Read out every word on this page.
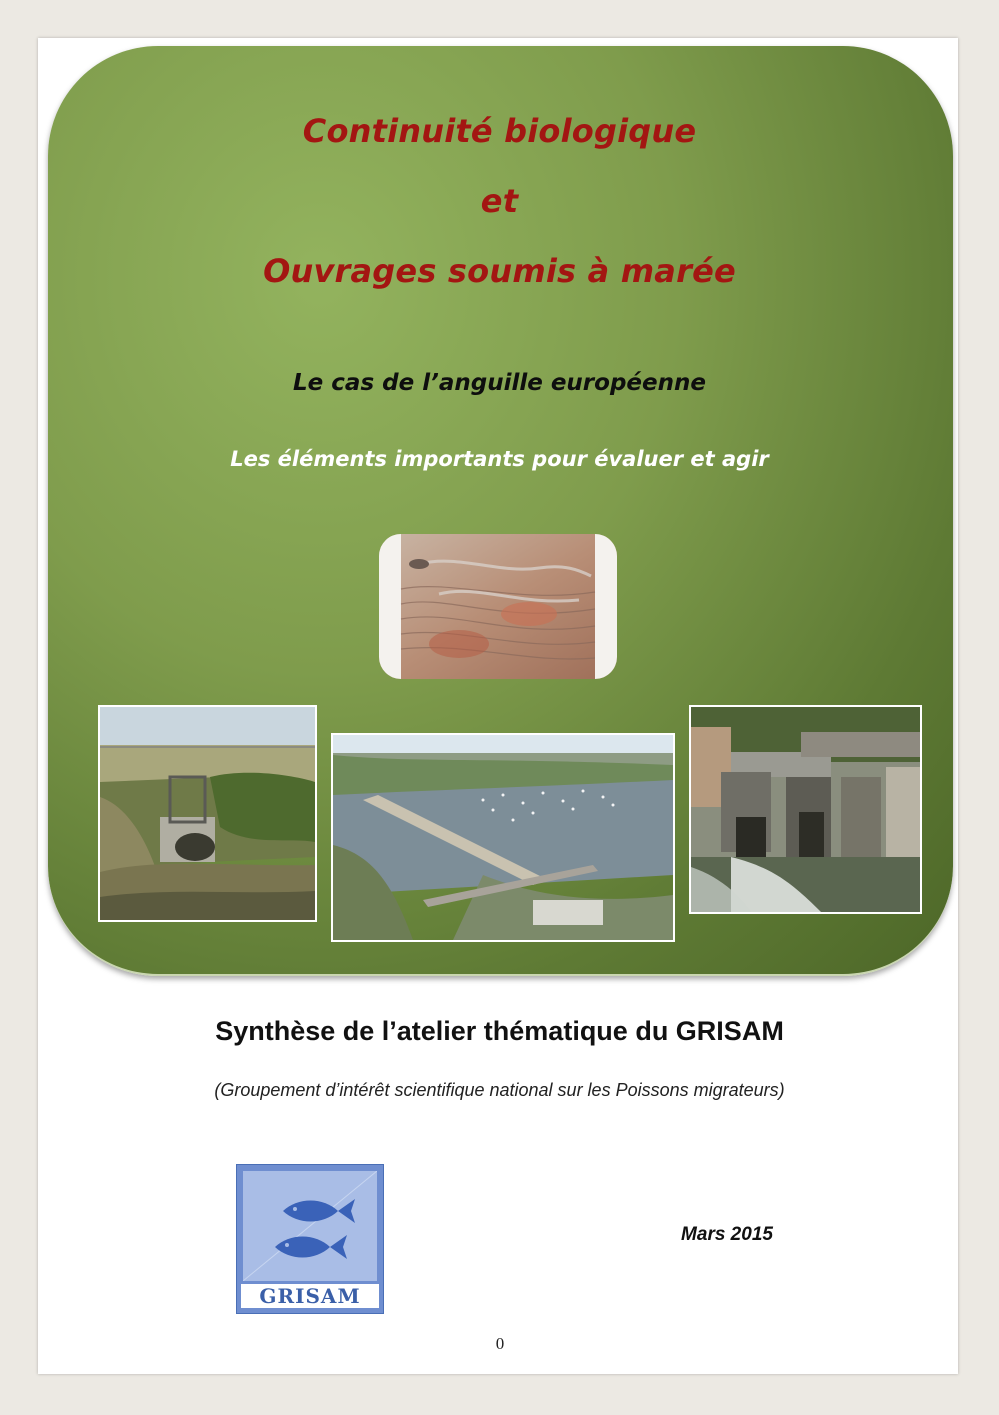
Continuité biologique
et
Ouvrages soumis à marée
Le cas de l’anguille européenne
Les éléments importants pour évaluer et agir
Synthèse de l’atelier thématique du GRISAM
(Groupement d’intérêt scientifique national sur les Poissons migrateurs)
GRISAM
Mars 2015
0
